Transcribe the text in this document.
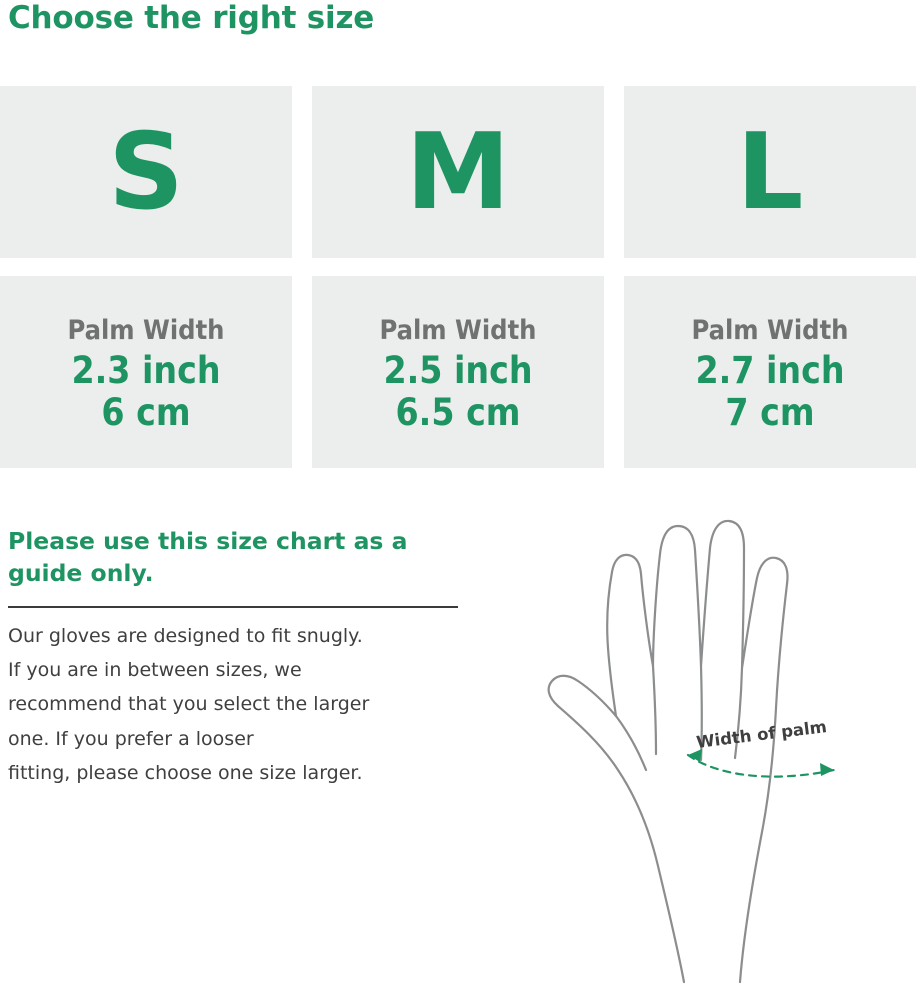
Choose the right size
S
Palm Width
2.3 inch
6 cm
M
Palm Width
2.5 inch
6.5 cm
L
Palm Width
2.7 inch
7 cm
Please use this size chart as a guide only.

Our gloves are designed to fit snugly.

If you are in between sizes, we

recommend that you select the larger

one. If you prefer a looser

fitting, please choose one size larger.

Width of palm
